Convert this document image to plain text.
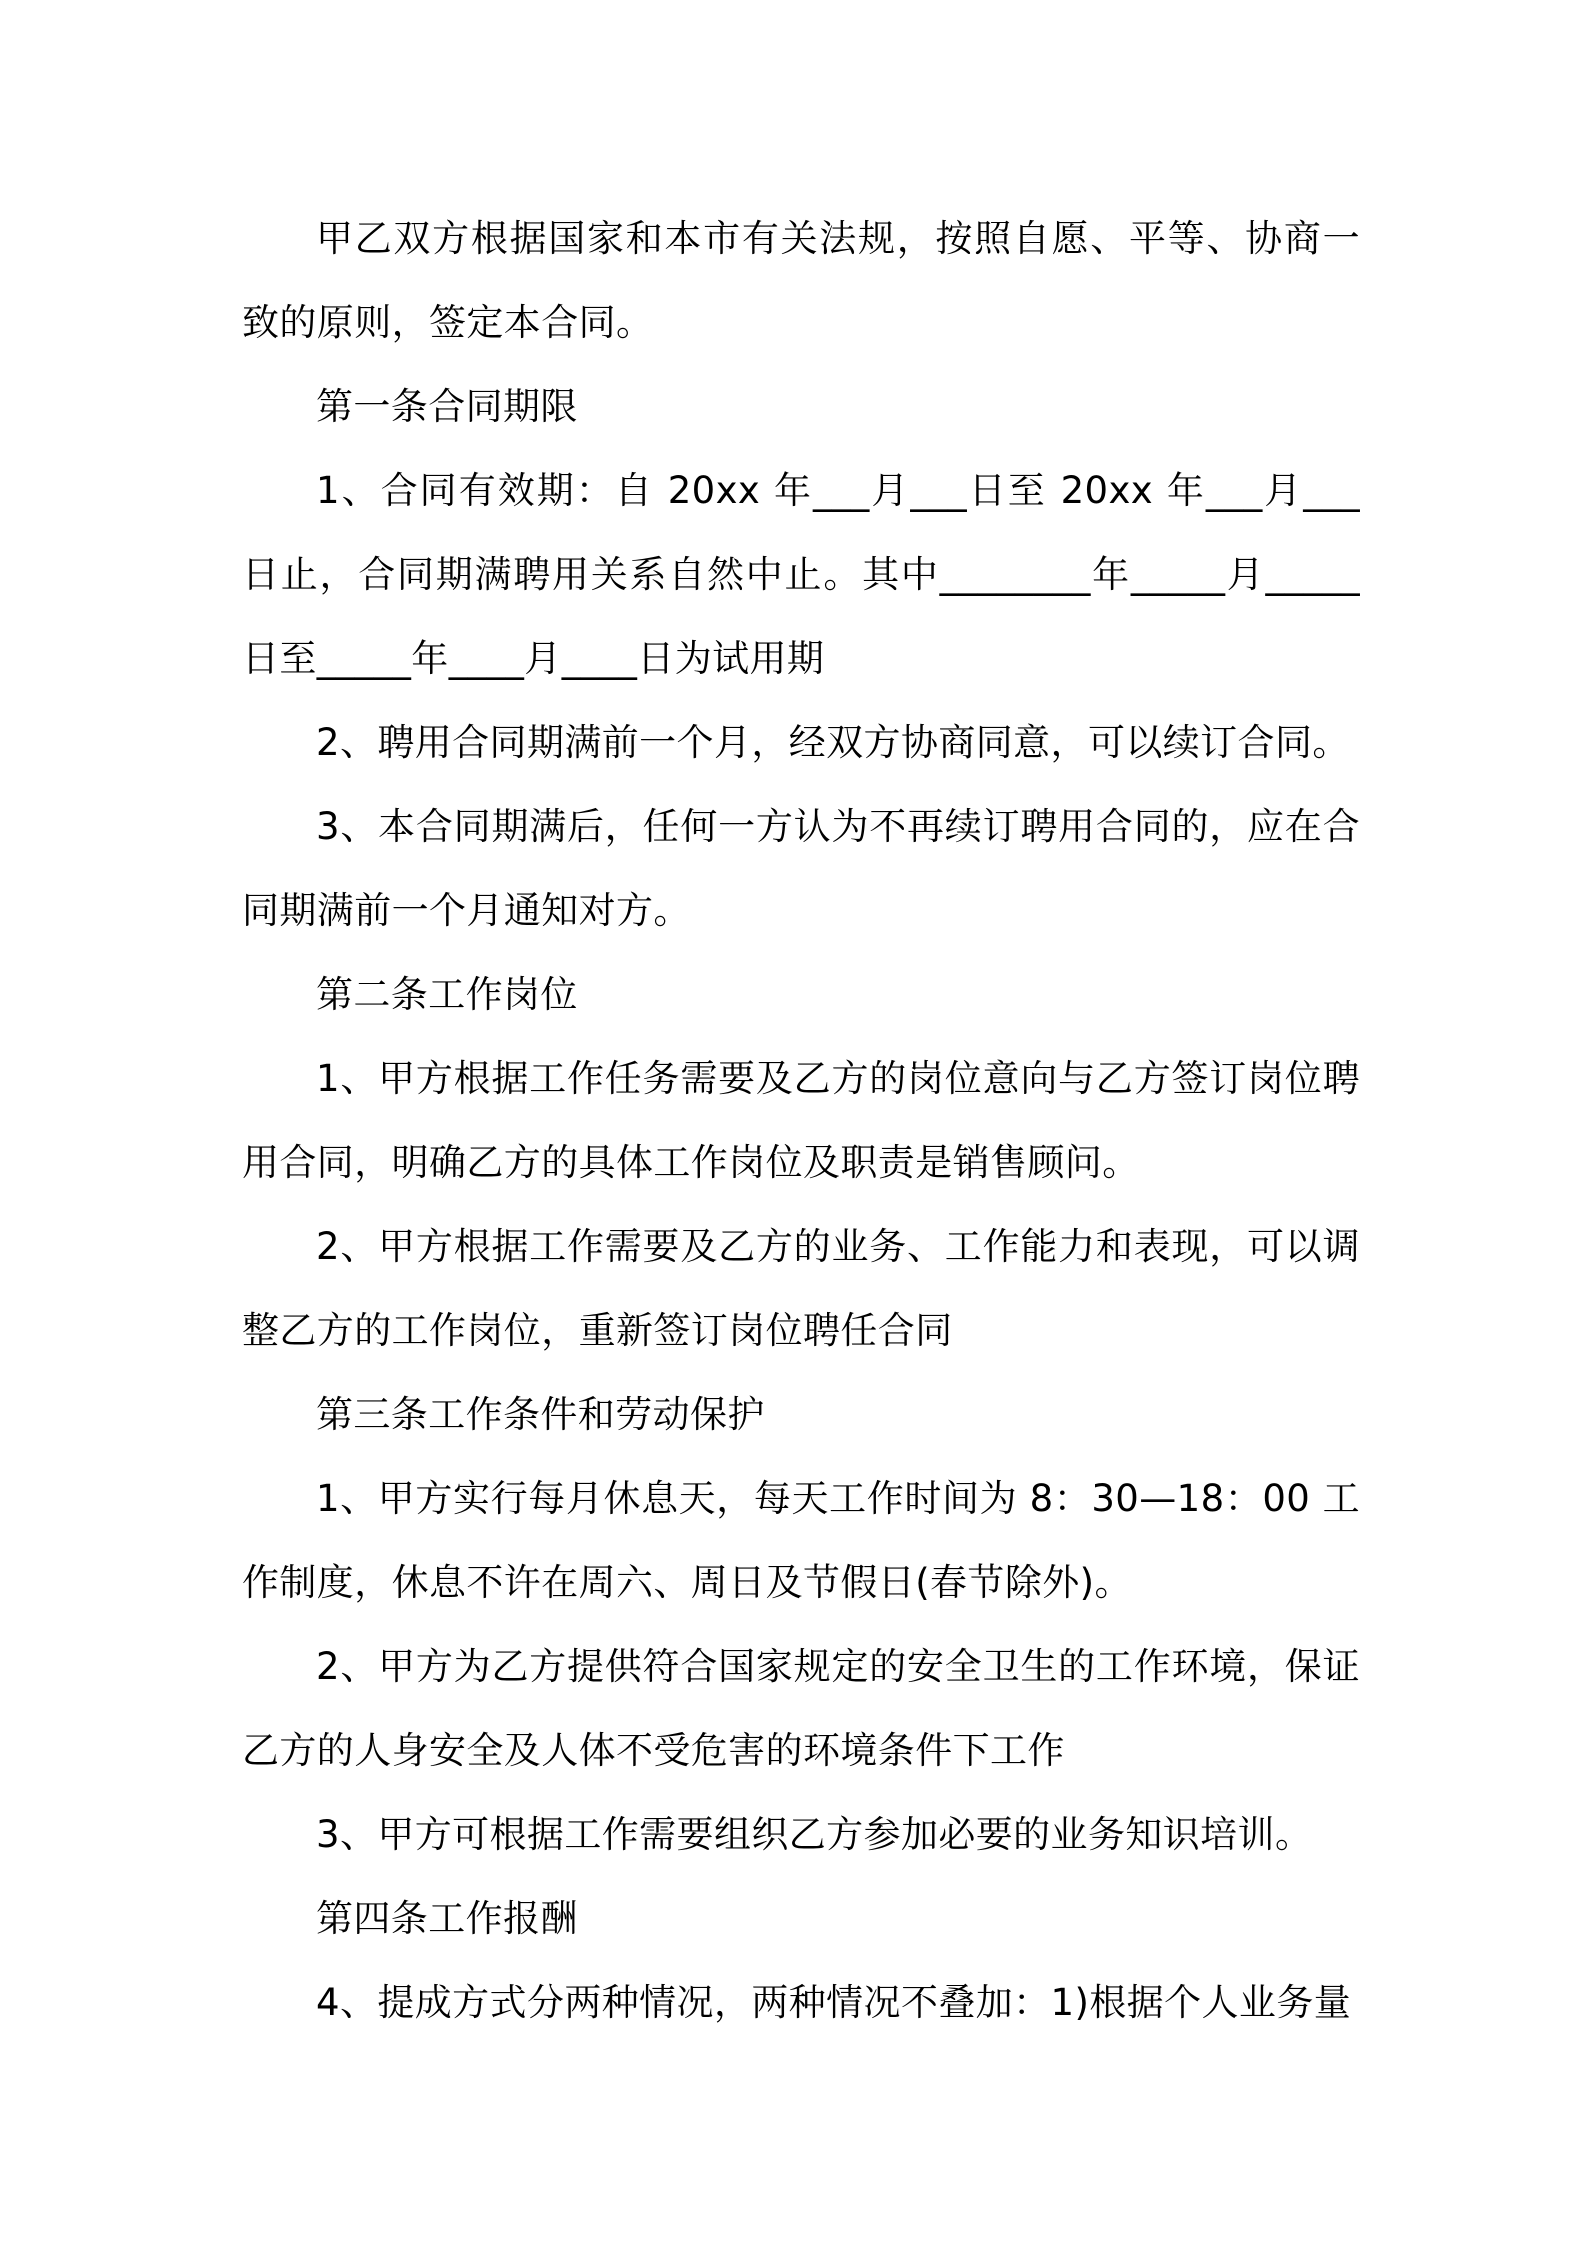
甲乙双方根据国家和本市有关法规，按照自愿、平等、协商一致的原则，签定本合同。

第一条合同期限

1、合同有效期：自 20xx 年___月___日至 20xx 年___月___日止，合同期满聘用关系自然中止。其中________年_____月_____日至_____年____月____日为试用期

2、聘用合同期满前一个月，经双方协商同意，可以续订合同。

3、本合同期满后，任何一方认为不再续订聘用合同的，应在合同期满前一个月通知对方。

第二条工作岗位

1、甲方根据工作任务需要及乙方的岗位意向与乙方签订岗位聘用合同，明确乙方的具体工作岗位及职责是销售顾问。

2、甲方根据工作需要及乙方的业务、工作能力和表现，可以调整乙方的工作岗位，重新签订岗位聘任合同

第三条工作条件和劳动保护

1、甲方实行每月休息天，每天工作时间为 8：30—18：00 工作制度，休息不许在周六、周日及节假日(春节除外)。

2、甲方为乙方提供符合国家规定的安全卫生的工作环境，保证乙方的人身安全及人体不受危害的环境条件下工作

3、甲方可根据工作需要组织乙方参加必要的业务知识培训。

第四条工作报酬

4、提成方式分两种情况，两种情况不叠加：1)根据个人业务量
